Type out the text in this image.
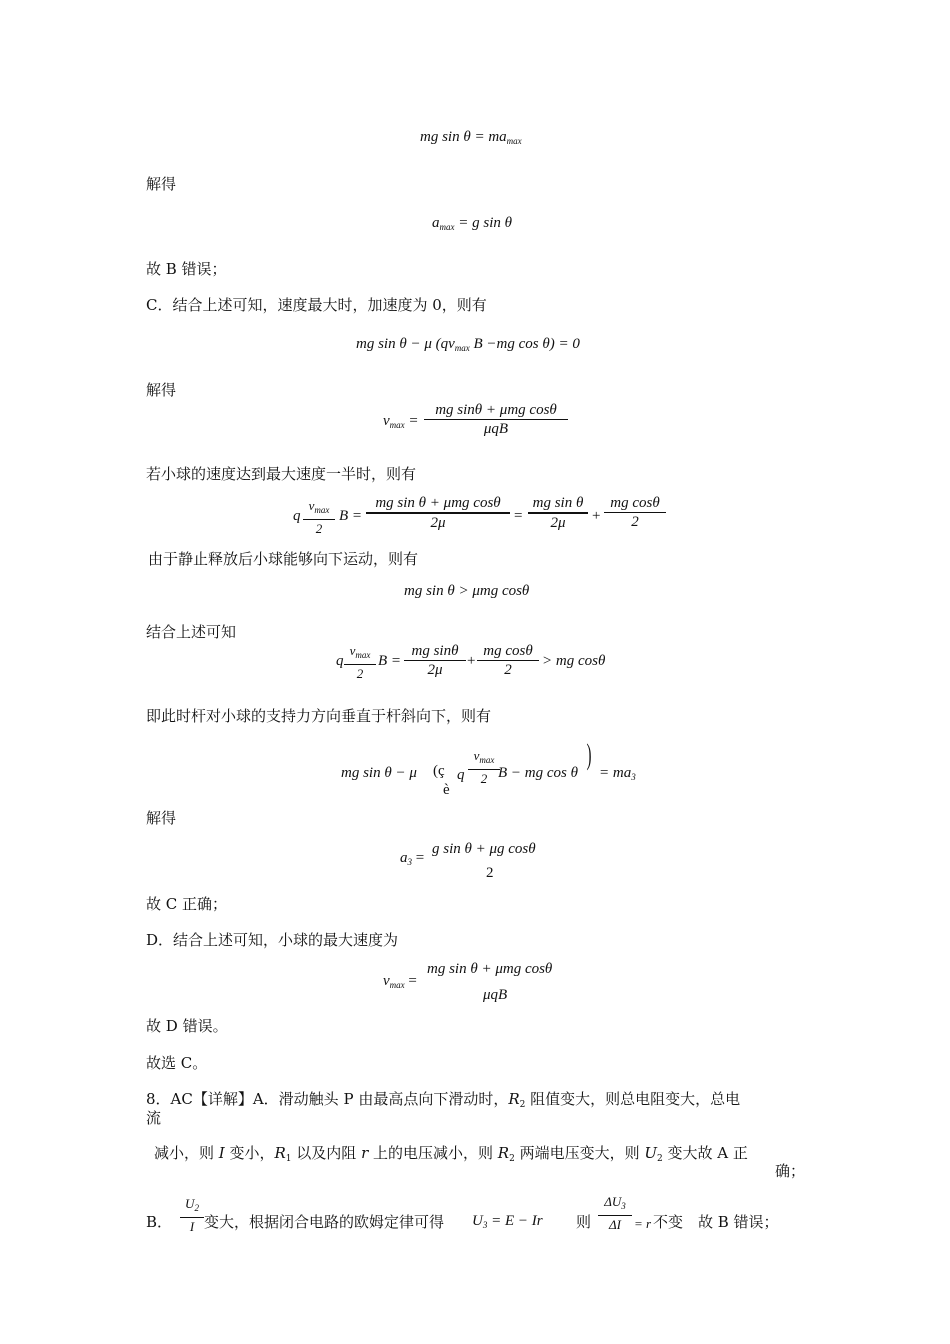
mg $\sin \theta = ma_{max}$
解得
$a_{max} = g$ sin θ
故 B 错误；
C．结合上述可知，速度最大时，加速度为 0，则有
mg sin θ − μ ($qv_{max}$ B −mg cos θ) = 0
解得
$v_{max}$ =
mg sinθ + μmg cosθ
μqB
若小球的速度达到最大速度一半时，则有
q
$v_{max}$
2
B =
mg sin θ + μmg cosθ
2μ	=
mg sin θ
2μ	+
mg cosθ
2
由于静止释放后小球能够向下运动，则有
mg sin θ > μmg cosθ
结合上述可知
q
$v_{max}$
2
B =
mg sinθ
2μ
+
mg cosθ
2
> mg cosθ
即此时杆对小球的支持力方向垂直于杆斜向下，则有
mg sin θ − μ (ç
è
q
$v_{max}$
2 B − mg cos θ
)
= $ma_3$
解得
$a_3$ =
g sin θ + μg cosθ
2
故 C 正确；
D．结合上述可知，小球的最大速度为
$v_{max}$ =
mg sin θ + μmg cosθ
μqB
故 D 错误。
故选 C。
8．AC【详解】A．滑动触头 P 由最高点向下滑动时，$R_2$ 阻值变大，则总电阻变大，总电
流
减小，则 I 变小，$R_1$ 以及内阻 r 上的电压减小，则 $R_2$ 两端电压变大，则 $U_2$ 变大故 A 正
确；
B．
$U_2$
I 变大，根据闭合电路的欧姆定律可得 $U_3 = E - Ir$ 则
$\Delta U_3$
ΔI	= r 不变　故 B 错误；
